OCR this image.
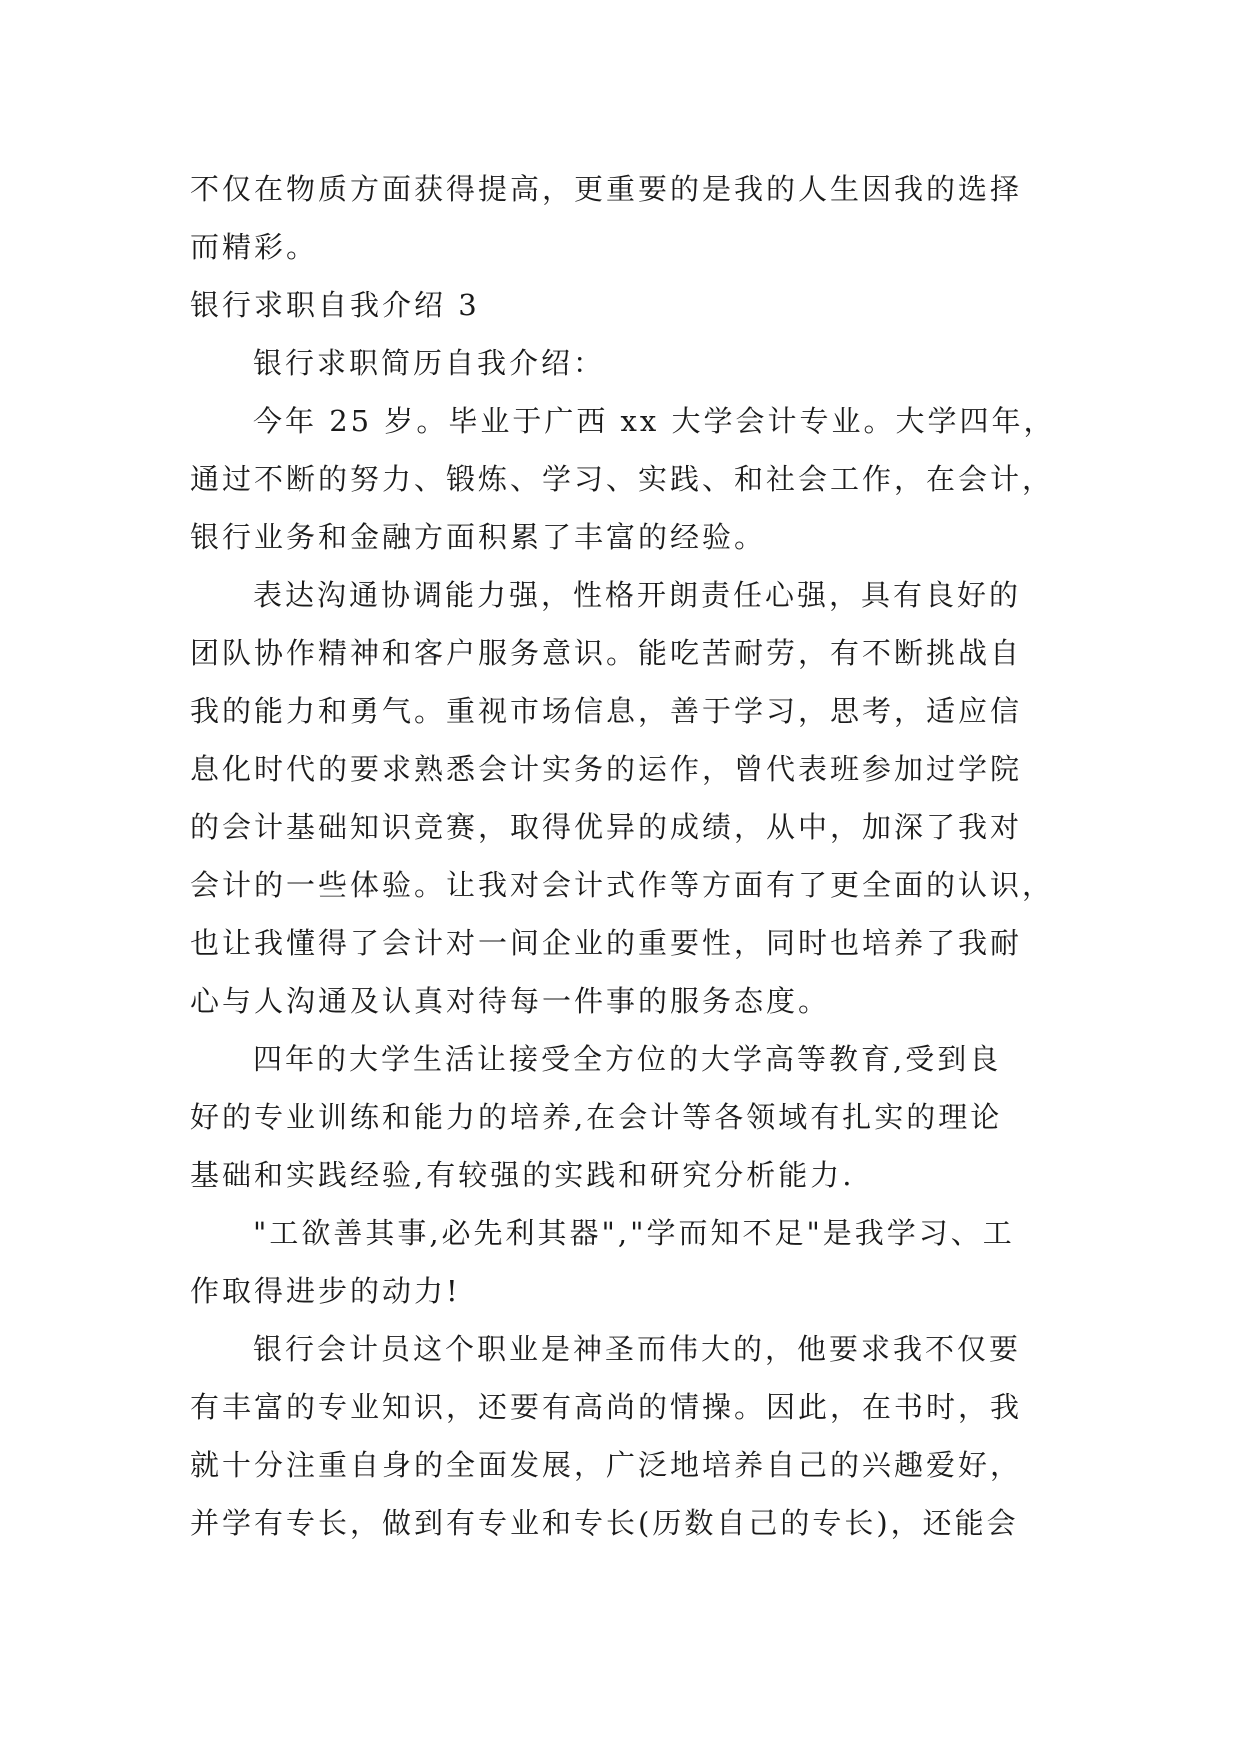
不仅在物质方面获得提高，更重要的是我的人生因我的选择
而精彩。
银行求职自我介绍 3
银行求职简历自我介绍：
今年 25 岁。毕业于广西 xx 大学会计专业。大学四年，
通过不断的努力、锻炼、学习、实践、和社会工作，在会计，
银行业务和金融方面积累了丰富的经验。
表达沟通协调能力强，性格开朗责任心强，具有良好的
团队协作精神和客户服务意识。能吃苦耐劳，有不断挑战自
我的能力和勇气。重视市场信息，善于学习，思考，适应信
息化时代的要求熟悉会计实务的运作，曾代表班参加过学院
的会计基础知识竞赛，取得优异的成绩，从中，加深了我对
会计的一些体验。让我对会计式作等方面有了更全面的认识，
也让我懂得了会计对一间企业的重要性，同时也培养了我耐
心与人沟通及认真对待每一件事的服务态度。
四年的大学生活让接受全方位的大学高等教育,受到良
好的专业训练和能力的培养,在会计等各领域有扎实的理论
基础和实践经验,有较强的实践和研究分析能力.
"工欲善其事,必先利其器","学而知不足"是我学习、工
作取得进步的动力!
银行会计员这个职业是神圣而伟大的，他要求我不仅要
有丰富的专业知识，还要有高尚的情操。因此，在书时，我
就十分注重自身的全面发展，广泛地培养自己的兴趣爱好，
并学有专长，做到有专业和专长(历数自己的专长)，还能会
